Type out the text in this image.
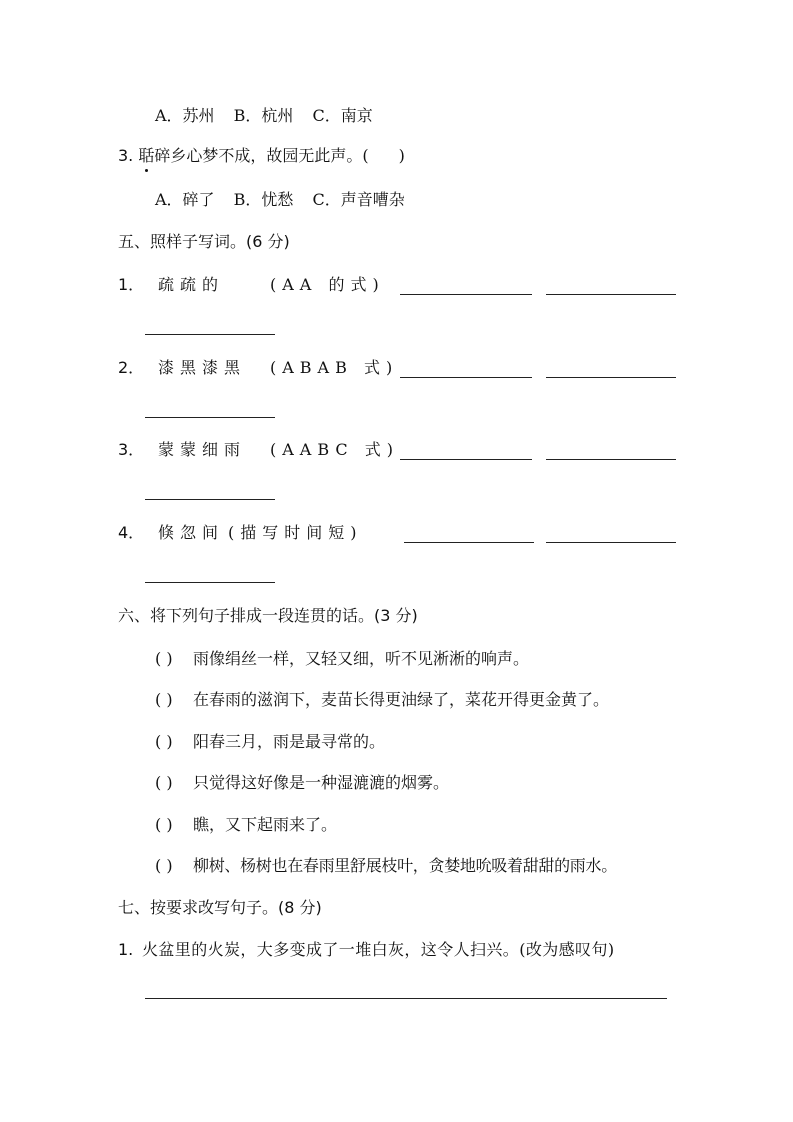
A．苏州 B．杭州 C．南京
3. 聒碎乡心梦不成，故园无此声。( )
A．碎了 B．忧愁 C．声音嘈杂
五、照样子写词。(6 分)
1． 疏疏的	(AA 的式)
2． 漆黑漆黑 (ABAB 式)
3． 蒙蒙细雨 (AABC 式)
4． 倏忽间 (描写时间短)
六、将下列句子排成一段连贯的话。(3 分)
( ) 雨像绢丝一样，又轻又细，听不见淅淅的响声。
( ) 在春雨的滋润下，麦苗长得更油绿了，菜花开得更金黄了。
( ) 阳春三月，雨是最寻常的。
( ) 只觉得这好像是一种湿漉漉的烟雾。
( ) 瞧，又下起雨来了。
( ) 柳树、杨树也在春雨里舒展枝叶，贪婪地吮吸着甜甜的雨水。
七、按要求改写句子。(8 分)
1. 火盆里的火炭，大多变成了一堆白灰，这令人扫兴。(改为感叹句)
